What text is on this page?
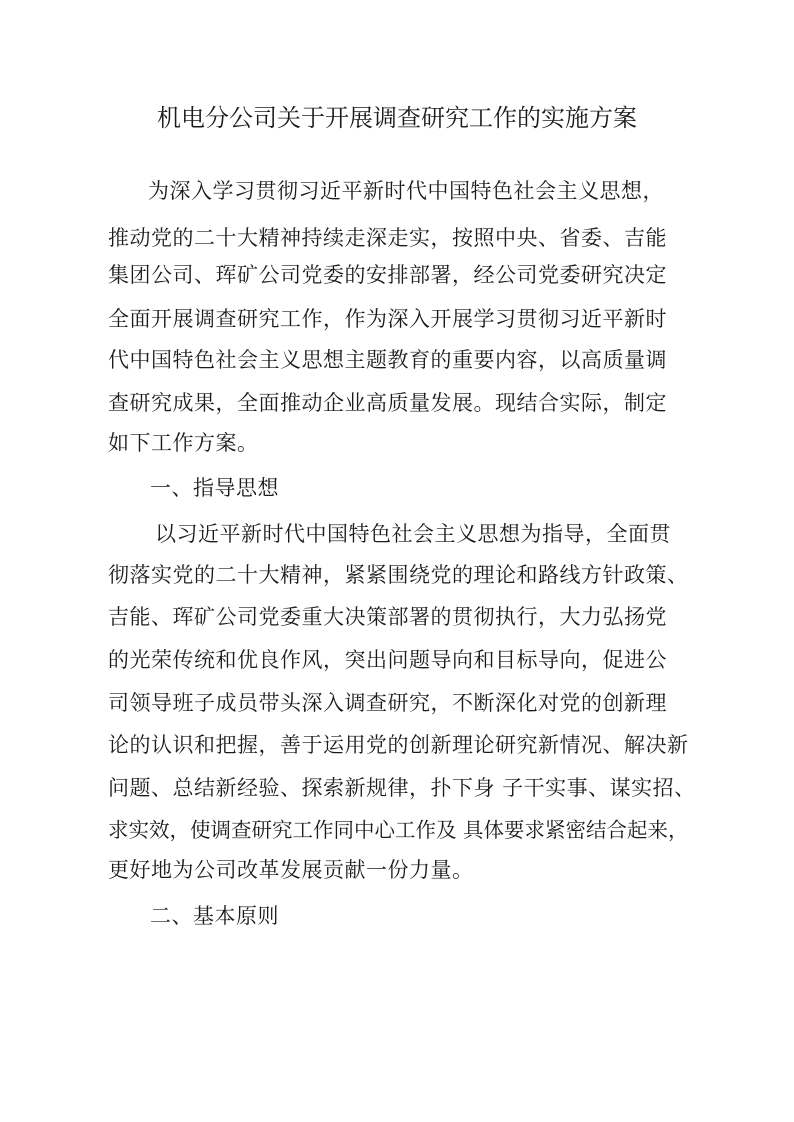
机电分公司关于开展调查研究工作的实施方案
为深入学习贯彻习近平新时代中国特色社会主义思想，
推动党的二十大精神持续走深走实，按照中央、省委、吉能
集团公司、珲矿公司党委的安排部署，经公司党委研究决定
全面开展调查研究工作，作为深入开展学习贯彻习近平新时
代中国特色社会主义思想主题教育的重要内容，以高质量调
查研究成果，全面推动企业高质量发展。现结合实际，制定
如下工作方案。
一、指导思想
以习近平新时代中国特色社会主义思想为指导，全面贯
彻落实党的二十大精神，紧紧围绕党的理论和路线方针政策、
吉能、珲矿公司党委重大决策部署的贯彻执行，大力弘扬党
的光荣传统和优良作风，突出问题导向和目标导向，促进公
司领导班子成员带头深入调查研究，不断深化对党的创新理
论的认识和把握，善于运用党的创新理论研究新情况、解决新
问题、总结新经验、探索新规律，扑下身 子干实事、谋实招、
求实效，使调查研究工作同中心工作及 具体要求紧密结合起来，
更好地为公司改革发展贡献一份力量。
二、基本原则
